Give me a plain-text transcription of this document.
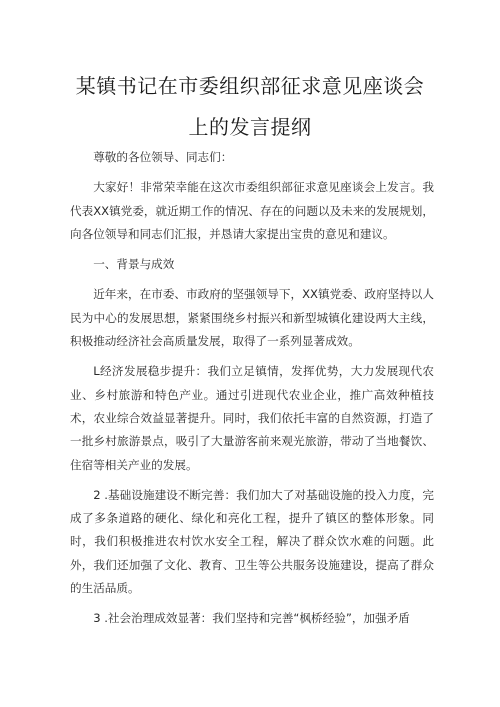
某镇书记在市委组织部征求意见座谈会
上的发言提纲

尊敬的各位领导、同志们：

大家好！非常荣幸能在这次市委组织部征求意见座谈会上发言。我代表XX镇党委，就近期工作的情况、存在的问题以及未来的发展规划，向各位领导和同志们汇报，并恳请大家提出宝贵的意见和建议。

一、背景与成效

近年来，在市委、市政府的坚强领导下，XX镇党委、政府坚持以人民为中心的发展思想，紧紧围绕乡村振兴和新型城镇化建设两大主线，积极推动经济社会高质量发展，取得了一系列显著成效。

L经济发展稳步提升：我们立足镇情，发挥优势，大力发展现代农业、乡村旅游和特色产业。通过引进现代农业企业，推广高效种植技术，农业综合效益显著提升。同时，我们依托丰富的自然资源，打造了一批乡村旅游景点，吸引了大量游客前来观光旅游，带动了当地餐饮、住宿等相关产业的发展。

2 .基础设施建设不断完善：我们加大了对基础设施的投入力度，完成了多条道路的硬化、绿化和亮化工程，提升了镇区的整体形象。同时，我们积极推进农村饮水安全工程，解决了群众饮水难的问题。此外，我们还加强了文化、教育、卫生等公共服务设施建设，提高了群众的生活品质。

3 .社会治理成效显著：我们坚持和完善“枫桥经验”，加强矛盾
